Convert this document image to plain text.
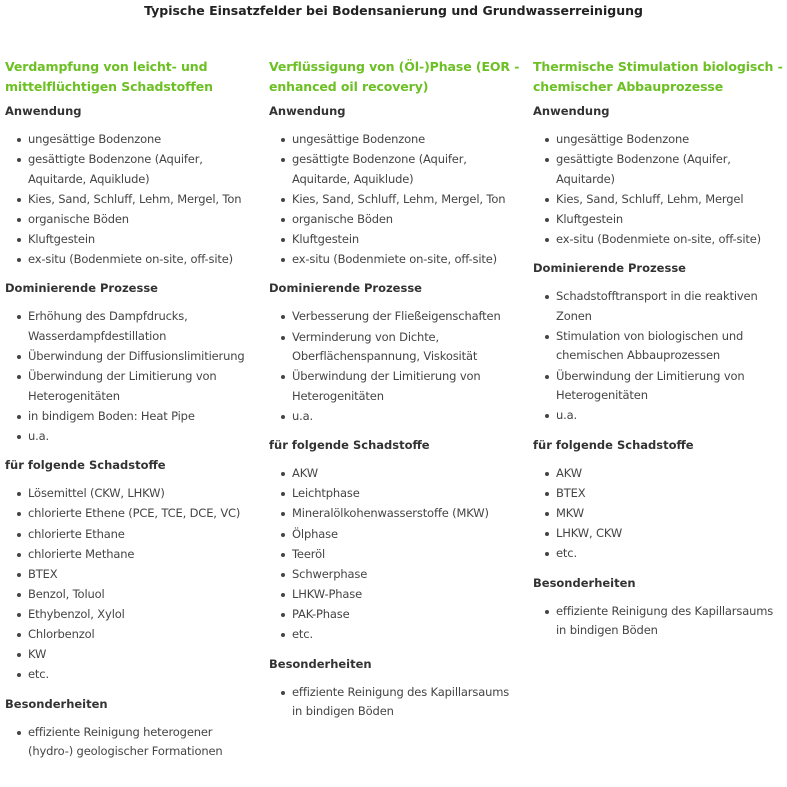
Typische Einsatzfelder bei Bodensanierung und Grundwasserreinigung
Verdampfung von leicht- und mittelflüchtigen Schadstoffen
Anwendung
ungesättige Bodenzone
gesättigte Bodenzone (Aquifer, Aquitarde, Aquiklude)
Kies, Sand, Schluff, Lehm, Mergel, Ton
organische Böden
Kluftgestein
ex-situ (Bodenmiete on-site, off-site)
Dominierende Prozesse
Erhöhung des Dampfdrucks, Wasserdampfdestillation
Überwindung der Diffusionslimitierung
Überwindung der Limitierung von Heterogenitäten
in bindigem Boden: Heat Pipe
u.a.
für folgende Schadstoffe
Lösemittel (CKW, LHKW)
chlorierte Ethene (PCE, TCE, DCE, VC)
chlorierte Ethane
chlorierte Methane
BTEX
Benzol, Toluol
Ethybenzol, Xylol
Chlorbenzol
KW
etc.
Besonderheiten
effiziente Reinigung heterogener (hydro-) geologischer Formationen
Verflüssigung von (Öl-)Phase (EOR - enhanced oil recovery)
Anwendung
ungesättige Bodenzone
gesättigte Bodenzone (Aquifer, Aquitarde, Aquiklude)
Kies, Sand, Schluff, Lehm, Mergel, Ton
organische Böden
Kluftgestein
ex-situ (Bodenmiete on-site, off-site)
Dominierende Prozesse
Verbesserung der Fließeigenschaften
Verminderung von Dichte, Oberflächenspannung, Viskosität
Überwindung der Limitierung von Heterogenitäten
u.a.
für folgende Schadstoffe
AKW
Leichtphase
Mineralölkohenwasserstoffe (MKW)
Ölphase
Teeröl
Schwerphase
LHKW-Phase
PAK-Phase
etc.
Besonderheiten
effiziente Reinigung des Kapillarsaums in bindigen Böden
Thermische Stimulation biologisch - chemischer Abbauprozesse
Anwendung
ungesättige Bodenzone
gesättigte Bodenzone (Aquifer, Aquitarde)
Kies, Sand, Schluff, Lehm, Mergel
Kluftgestein
ex-situ (Bodenmiete on-site, off-site)
Dominierende Prozesse
Schadstofftransport in die reaktiven Zonen
Stimulation von biologischen und chemischen Abbauprozessen
Überwindung der Limitierung von Heterogenitäten
u.a.
für folgende Schadstoffe
AKW
BTEX
MKW
LHKW, CKW
etc.
Besonderheiten
effiziente Reinigung des Kapillarsaums in bindigen Böden
